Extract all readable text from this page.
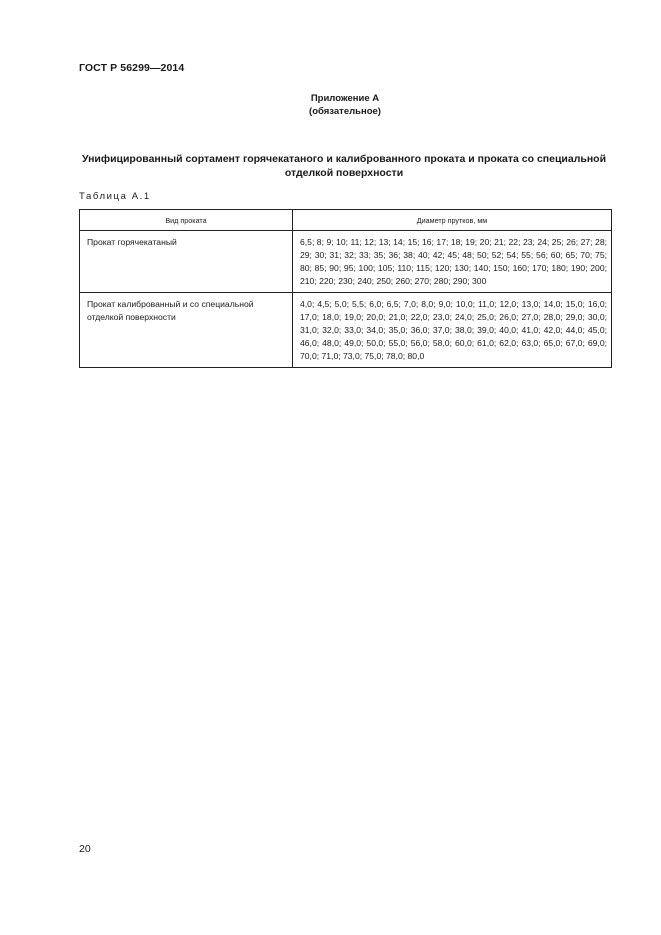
ГОСТ Р 56299—2014
Приложение А
(обязательное)
Унифицированный сортамент горячекатаного и калиброванного проката и проката со специальной отделкой поверхности
Таблица А.1
Вид проката	Диаметр прутков, мм
Прокат горячекатаный	6,5; 8; 9; 10; 11; 12; 13; 14; 15; 16; 17; 18; 19; 20; 21; 22; 23; 24; 25; 26; 27; 28; 29; 30; 31; 32; 33; 35; 36; 38; 40; 42; 45; 48; 50; 52; 54; 55; 56; 60; 65; 70; 75; 80; 85; 90; 95; 100; 105; 110; 115; 120; 130; 140; 150; 160; 170; 180; 190; 200; 210; 220; 230; 240; 250; 260; 270; 280; 290; 300
Прокат калиброванный и со специальной отделкой поверхности	4,0; 4,5; 5,0; 5,5; 6,0; 6,5; 7,0; 8,0; 9,0; 10,0; 11,0; 12,0; 13,0; 14,0; 15,0; 16,0; 17,0; 18,0; 19,0; 20,0; 21,0; 22,0; 23,0; 24,0; 25,0; 26,0; 27,0; 28,0; 29,0; 30,0; 31,0; 32,0; 33,0; 34,0; 35,0; 36,0; 37,0; 38,0; 39,0; 40,0; 41,0; 42,0; 44,0; 45,0; 46,0; 48,0; 49,0; 50,0; 55,0; 56,0; 58,0; 60,0; 61,0; 62,0; 63,0; 65,0; 67,0; 69,0; 70,0; 71,0; 73,0; 75,0; 78,0; 80,0
20
